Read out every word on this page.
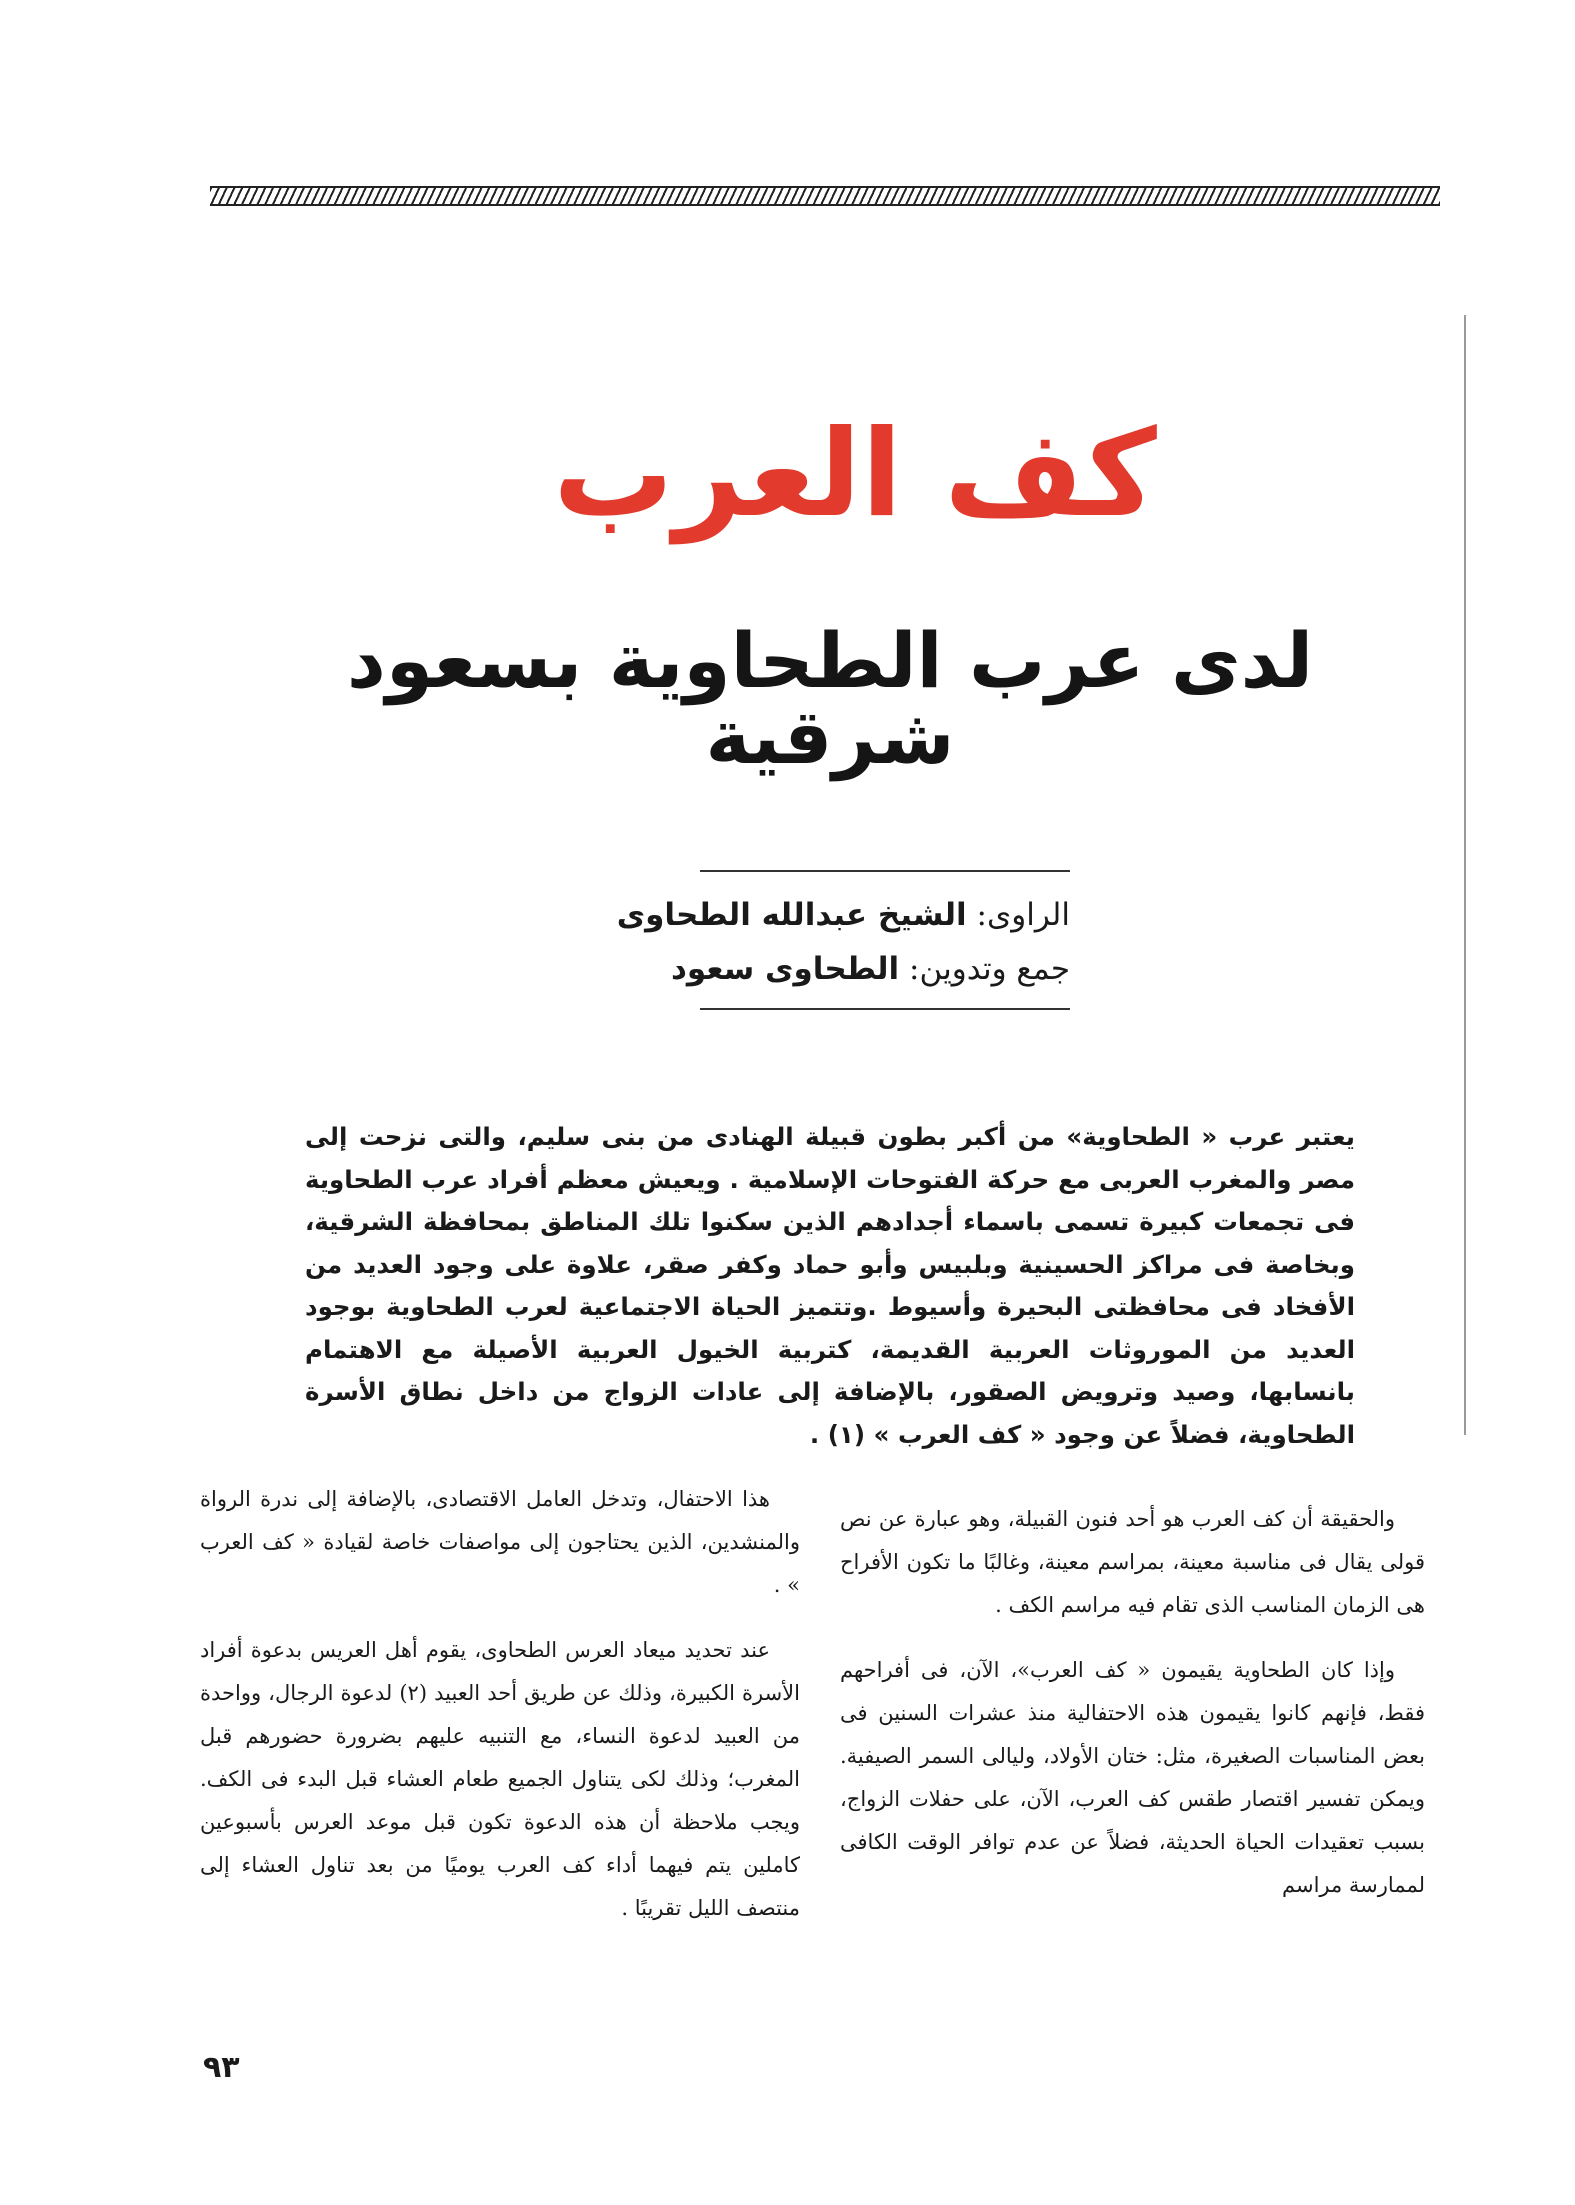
كف العرب
لدى عرب الطحاوية بسعود شرقية
الراوى: الشيخ عبدالله الطحاوى
جمع وتدوين: الطحاوى سعود

يعتبر عرب « الطحاوية» من أكبر بطون قبيلة الهنادى من بنى سليم، والتى نزحت إلى مصر والمغرب العربى مع حركة الفتوحات الإسلامية . ويعيش معظم أفراد عرب الطحاوية فى تجمعات كبيرة تسمى باسماء أجدادهم الذين سكنوا تلك المناطق بمحافظة الشرقية، وبخاصة فى مراكز الحسينية وبلبيس وأبو حماد وكفر صقر، علاوة على وجود العديد من الأفخاد فى محافظتى البحيرة وأسيوط .وتتميز الحياة الاجتماعية لعرب الطحاوية بوجود العديد من الموروثات العربية القديمة، كتربية الخيول العربية الأصيلة مع الاهتمام بانسابها، وصيد وترويض الصقور، بالإضافة إلى عادات الزواج من داخل نطاق الأسرة الطحاوية، فضلاً عن وجود « كف العرب » (١) .

والحقيقة أن كف العرب هو أحد فنون القبيلة، وهو عبارة عن نص قولى يقال فى مناسبة معينة، بمراسم معينة، وغالبًا ما تكون الأفراح هى الزمان المناسب الذى تقام فيه مراسم الكف .

وإذا كان الطحاوية يقيمون « كف العرب»، الآن، فى أفراحهم فقط، فإنهم كانوا يقيمون هذه الاحتفالية منذ عشرات السنين فى بعض المناسبات الصغيرة، مثل: ختان الأولاد، وليالى السمر الصيفية. ويمكن تفسير اقتصار طقس كف العرب، الآن، على حفلات الزواج، بسبب تعقيدات الحياة الحديثة، فضلاً عن عدم توافر الوقت الكافى لممارسة مراسم

هذا الاحتفال، وتدخل العامل الاقتصادى، بالإضافة إلى ندرة الرواة والمنشدين، الذين يحتاجون إلى مواصفات خاصة لقيادة « كف العرب » .

عند تحديد ميعاد العرس الطحاوى، يقوم أهل العريس بدعوة أفراد الأسرة الكبيرة، وذلك عن طريق أحد العبيد (٢) لدعوة الرجال، وواحدة من العبيد لدعوة النساء، مع التنبيه عليهم بضرورة حضورهم قبل المغرب؛ وذلك لكى يتناول الجميع طعام العشاء قبل البدء فى الكف. ويجب ملاحظة أن هذه الدعوة تكون قبل موعد العرس بأسبوعين كاملين يتم فيهما أداء كف العرب يوميًا من بعد تناول العشاء إلى منتصف الليل تقريبًا .

٩٣
